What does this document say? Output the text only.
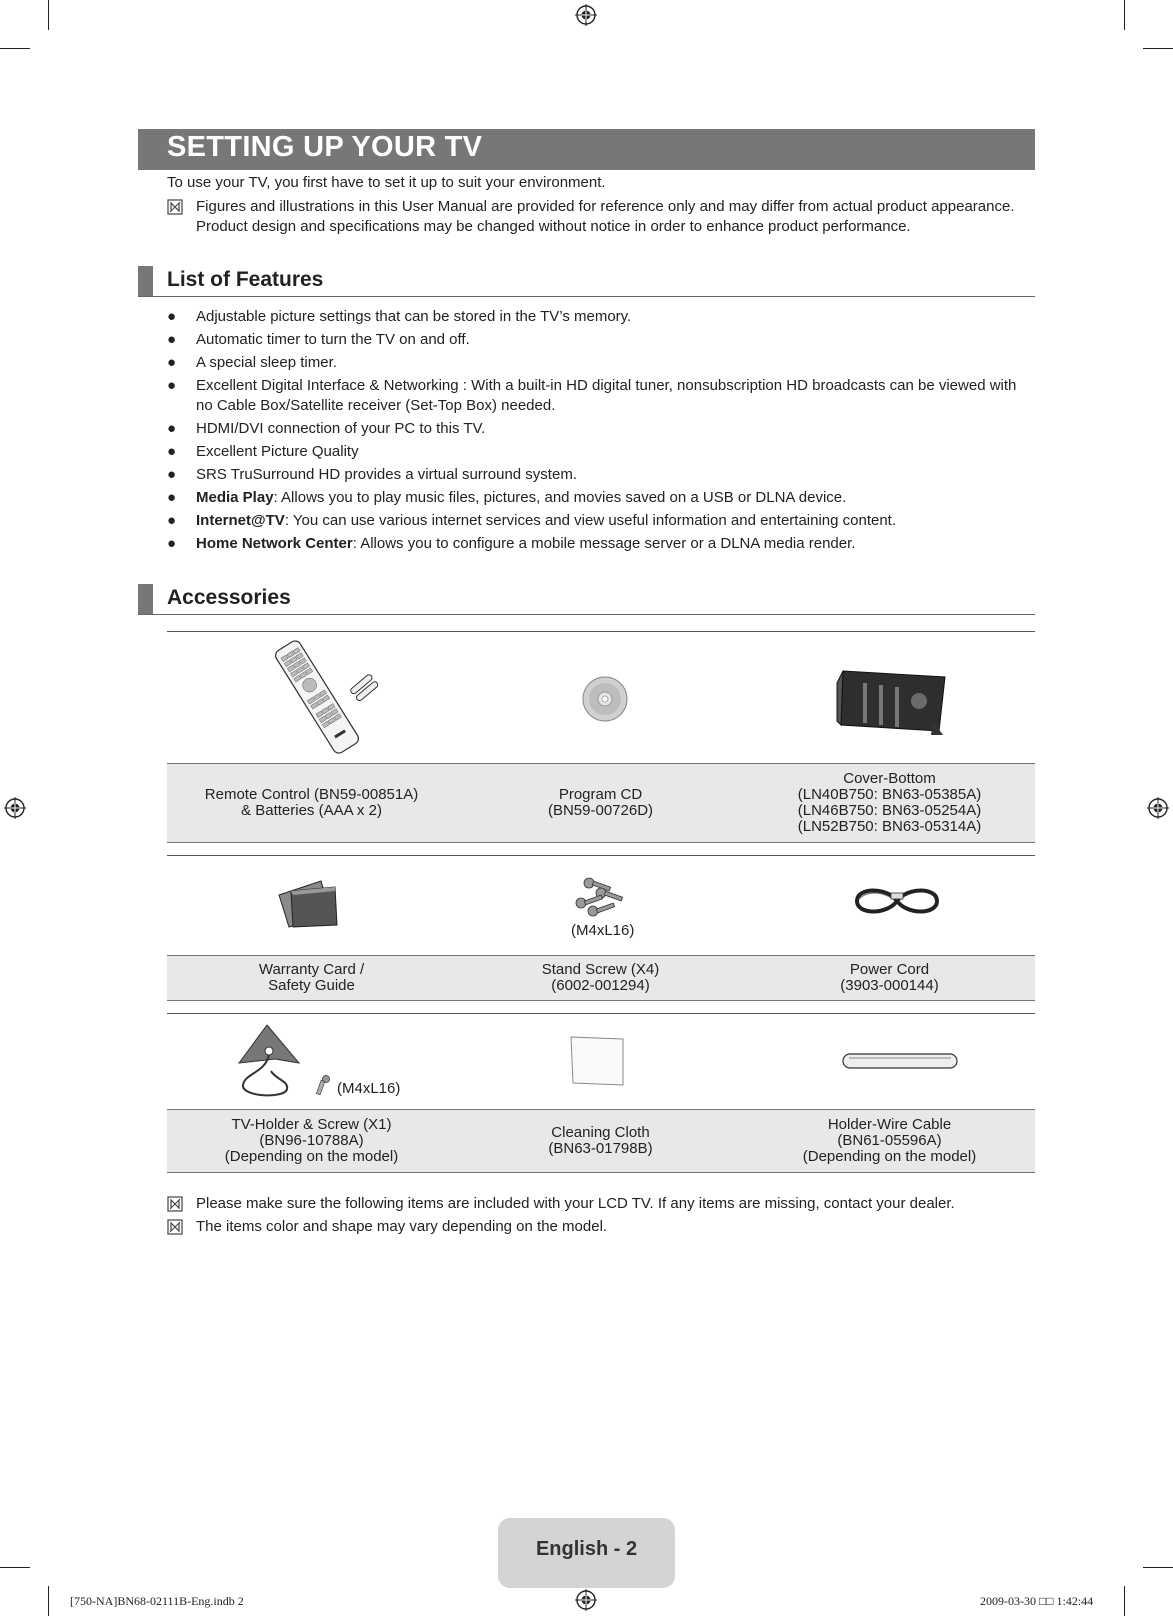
SETTING UP YOUR TV
To use your TV, you first have to set it up to suit your environment.
Figures and illustrations in this User Manual are provided for reference only and may differ from actual product appearance.
Product design and specifications may be changed without notice in order to enhance product performance.
List of Features
● Adjustable picture settings that can be stored in the TV’s memory.
● Automatic timer to turn the TV on and off.
● A special sleep timer.
● Excellent Digital Interface & Networking : With a built-in HD digital tuner, nonsubscription HD broadcasts can be viewed with no Cable Box/Satellite receiver (Set-Top Box) needed.
● HDMI/DVI connection of your PC to this TV.
● Excellent Picture Quality
● SRS TruSurround HD provides a virtual surround system.
● Media Play: Allows you to play music files, pictures, and movies saved on a USB or DLNA device.
● Internet@TV: You can use various internet services and view useful information and entertaining content.
● Home Network Center: Allows you to configure a mobile message server or a DLNA media render.
Accessories
Remote Control (BN59-00851A)
& Batteries (AAA x 2)
Program CD
(BN59-00726D)
Cover-Bottom
(LN40B750: BN63-05385A)
(LN46B750: BN63-05254A)
(LN52B750: BN63-05314A)
(M4xL16)
Warranty Card /
Safety Guide
Stand Screw (X4)
(6002-001294)
Power Cord
(3903-000144)
(M4xL16)
TV-Holder & Screw (X1)
(BN96-10788A)
(Depending on the model)
Cleaning Cloth
(BN63-01798B)
Holder-Wire Cable
(BN61-05596A)
(Depending on the model)
Please make sure the following items are included with your LCD TV. If any items are missing, contact your dealer.
The items color and shape may vary depending on the model.
English - 2
[750-NA]BN68-02111B-Eng.indb 2	2009-03-30 □□ 1:42:44
